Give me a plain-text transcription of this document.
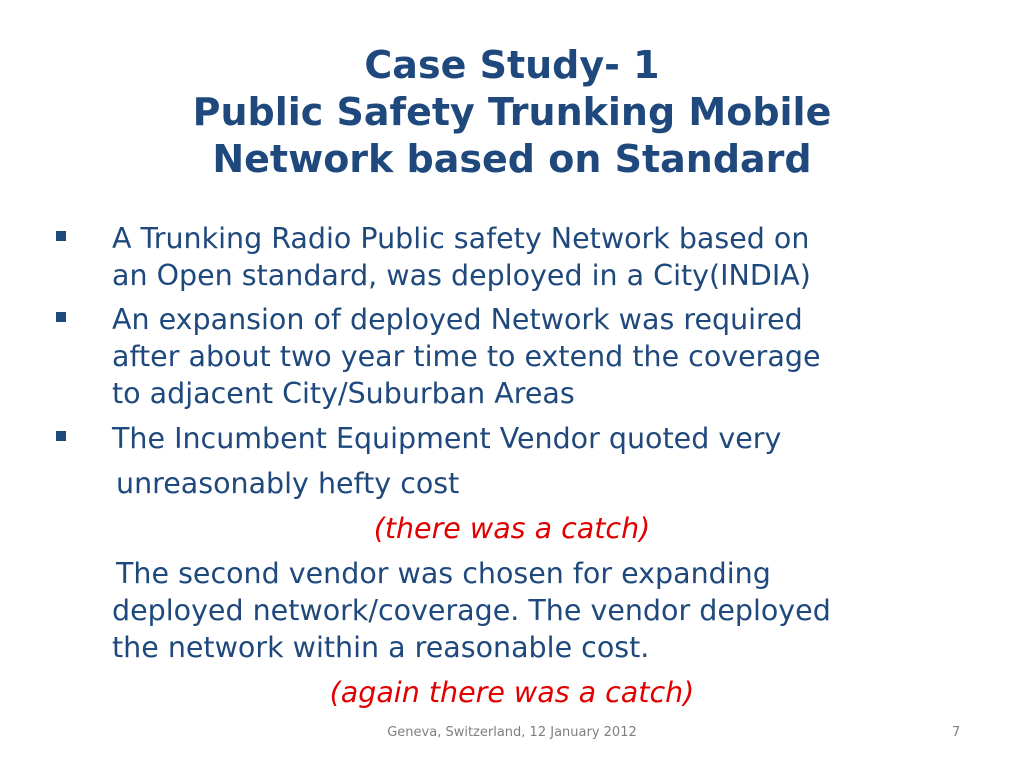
Case Study- 1
Public Safety Trunking Mobile
Network based on Standard
A Trunking Radio Public safety Network based on
an Open standard, was deployed in a City(INDIA)
An expansion of deployed Network was required
after about two year time to extend the coverage
to adjacent City/Suburban Areas
The Incumbent Equipment Vendor quoted very
unreasonably hefty cost
(there was a catch)
The second vendor was chosen for expanding
deployed network/coverage. The vendor deployed
the network within a reasonable cost.
(again there was a catch)
Geneva, Switzerland, 12 January 2012	7
